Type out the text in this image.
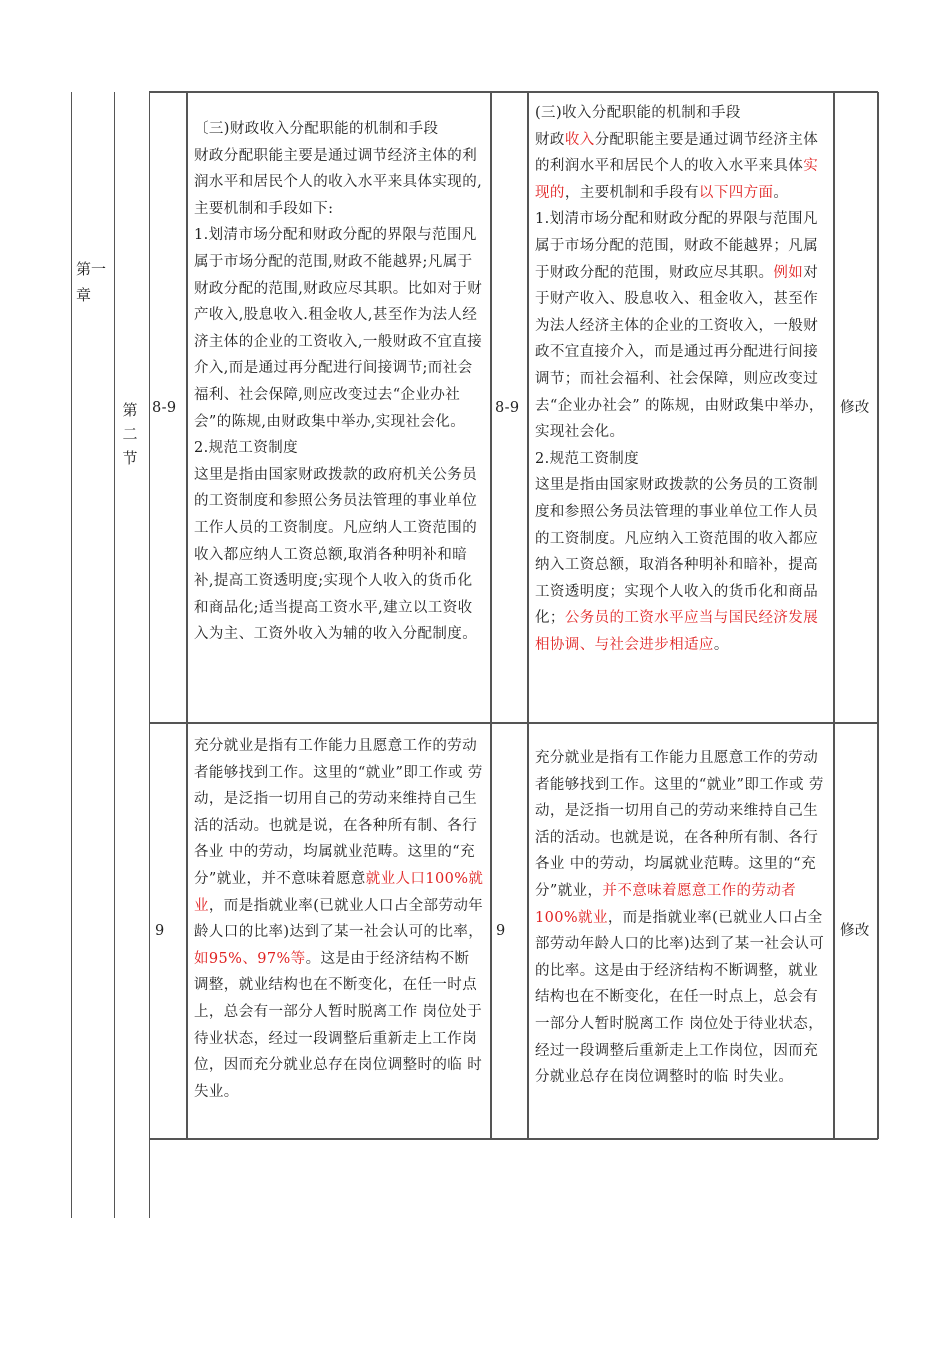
第一
章
第
二
节
8-9
〔三)财政收入分配职能的机制和手段
财政分配职能主要是通过调节经济主体的利润水平和居民个人的收入水平来具体实现的,主要机制和手段如下:
1.划清市场分配和财政分配的界限与范围凡属于市场分配的范围,财政不能越界;凡属于财政分配的范围,财政应尽其职。比如对于财产收入,股息收入.租金收人,甚至作为法人经济主体的企业的工资收入,一般财政不宜直接介入,而是通过再分配进行间接调节;而社会福利、社会保障,则应改变过去“企业办社会”的陈规,由财政集中举办,实现社会化。
2.规范工资制度
这里是指由国家财政拨款的政府机关公务员的工资制度和参照公务员法管理的事业单位工作人员的工资制度。凡应纳人工资范围的收入都应纳人工资总额,取消各种明补和暗补,提高工资透明度;实现个人收入的货币化和商品化;适当提高工资水平,建立以工资收入为主、工资外收入为辅的收入分配制度。
8-9
(三)收入分配职能的机制和手段
财政收入分配职能主要是通过调节经济主体的利润水平和居民个人的收入水平来具体实现的，主要机制和手段有以下四方面。
1.划清市场分配和财政分配的界限与范围凡属于市场分配的范围，财政不能越界；凡属于财政分配的范围，财政应尽其职。例如对　于财产收入、股息收入、租金收入，甚至作为法人经济主体的企业的工资收入，一般财政不宜直接介入，而是通过再分配进行间接调节；而社会福利、社会保障，则应改变过去“企业办社会” 的陈规，由财政集中举办，实现社会化。
2.规范工资制度
这里是指由国家财政拨款的公务员的工资制度和参照公务员法管理的事业单位工作人员　的工资制度。凡应纳入工资范围的收入都应纳入工资总额，取消各种明补和暗补，提高工资透明度；实现个人收入的货币化和商品化；公务员的工资水平应当与国民经济发展相协调、与社会进步相适应。
修改
9
充分就业是指有工作能力且愿意工作的劳动者能够找到工作。这里的“就业”即工作或 劳动，是泛指一切用自己的劳动来维持自己生活的活动。也就是说，在各种所有制、各行各业 中的劳动，均属就业范畴。这里的“充分”就业，并不意味着愿意就业人口100%就业，而是指就业率(已就业人口占全部劳动年龄人口的比率)达到了某一社会认可的比率，如95%、97%等。这是由于经济结构不断调整，就业结构也在不断变化，在任一时点上，总会有一部分人暂时脱离工作 岗位处于待业状态，经过一段调整后重新走上工作岗位，因而充分就业总存在岗位调整时的临 时失业。
9
充分就业是指有工作能力且愿意工作的劳动者能够找到工作。这里的“就业”即工作或 劳动，是泛指一切用自己的劳动来维持自己生活的活动。也就是说，在各种所有制、各行各业 中的劳动，均属就业范畴。这里的“充分”就业，并不意味着愿意工作的劳动者100%就业，而是指就业率(已就业人口占全部劳动年龄人口的比率)达到了某一社会认可的比率。这是由于经济结构不断调整，就业结构也在不断变化，在任一时点上，总会有一部分人暂时脱离工作 岗位处于待业状态，经过一段调整后重新走上工作岗位，因而充分就业总存在岗位调整时的临 时失业。
修改
